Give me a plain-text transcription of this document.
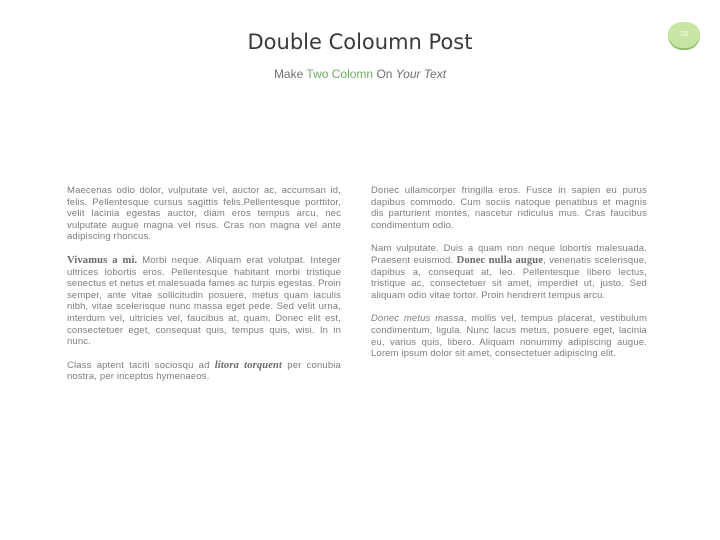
Double Coloumn Post
Make Two Colomn On Your Text
23

Maecenas odio dolor, vulputate vel, auctor ac, accumsan id, felis. Pellentesque cursus sagittis felis.Pellentesque porttitor, velit lacinia egestas auctor, diam eros tempus arcu, nec vulputate augue magna vel risus. Cras non magna vel ante adipiscing rhoncus.

Vivamus a mi. Morbi neque. Aliquam erat volutpat. Integer ultrices lobortis eros. Pellentesque habitant morbi tristique senectus et netus et malesuada fames ac turpis egestas. Proin semper, ante vitae sollicitudin posuere, metus quam iaculis nibh, vitae scelerisque nunc massa eget pede. Sed velit urna, interdum vel, ultricies vel, faucibus at, quam. Donec elit est, consectetuer eget, consequat quis, tempus quis, wisi. In in nunc.

Class aptent taciti sociosqu ad litora torquent per conubia nostra, per inceptos hymenaeos.

Donec ullamcorper fringilla eros. Fusce in sapien eu purus dapibus commodo. Cum sociis natoque penatibus et magnis dis parturient montes, nascetur ridiculus mus. Cras faucibus condimentum odio.

Nam vulputate. Duis a quam non neque lobortis malesuada. Praesent euismod. Donec nulla augue, venenatis scelerisque, dapibus a, consequat at, leo. Pellentesque libero lectus, tristique ac, consectetuer sit amet, imperdiet ut, justo. Sed aliquam odio vitae tortor. Proin hendrerit tempus arcu.

Donec metus massa, mollis vel, tempus placerat, vestibulum condimentum, ligula. Nunc lacus metus, posuere eget, lacinia eu, varius quis, libero. Aliquam nonummy adipiscing augue. Lorem ipsum dolor sit amet, consectetuer adipiscing elit.
